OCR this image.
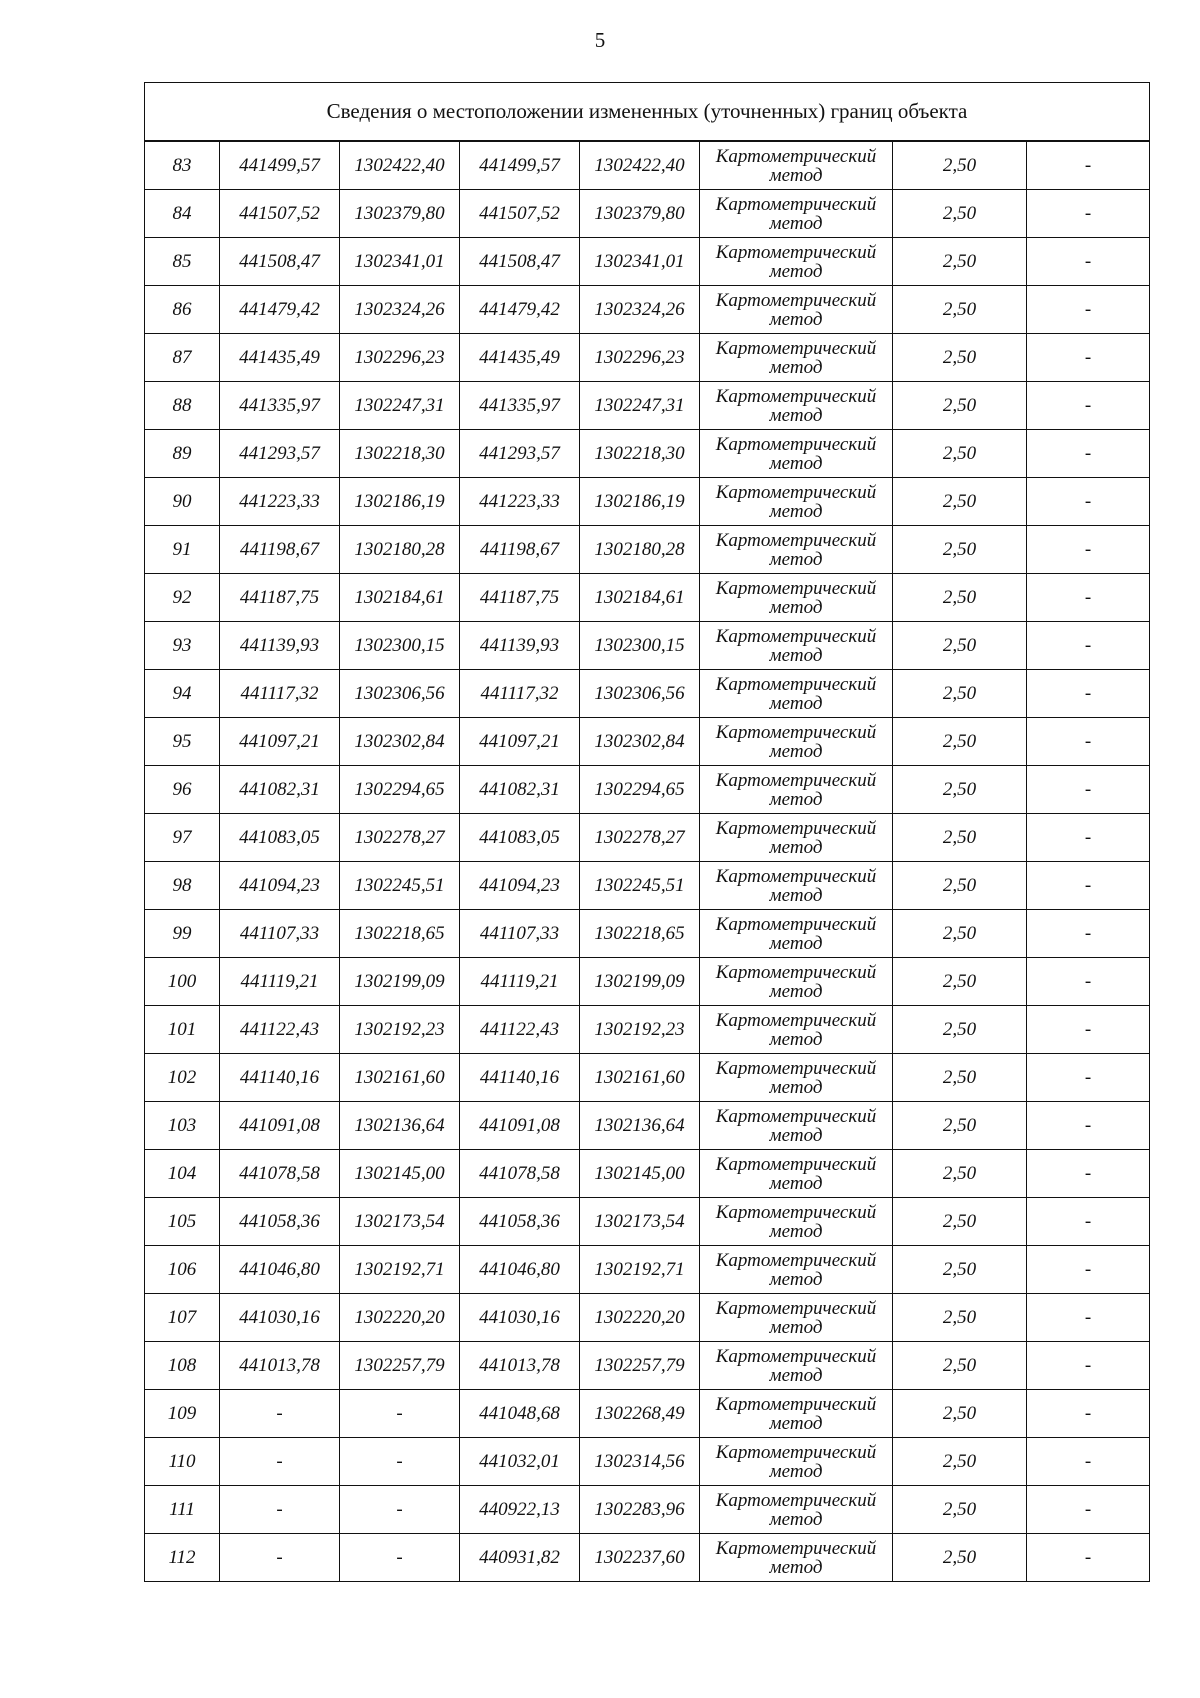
5
Сведения о местоположении измененных (уточненных) границ объекта							
83	441499,57	1302422,40	441499,57	1302422,40	Картометрический метод	2,50	-
84	441507,52	1302379,80	441507,52	1302379,80	Картометрический метод	2,50	-
85	441508,47	1302341,01	441508,47	1302341,01	Картометрический метод	2,50	-
86	441479,42	1302324,26	441479,42	1302324,26	Картометрический метод	2,50	-
87	441435,49	1302296,23	441435,49	1302296,23	Картометрический метод	2,50	-
88	441335,97	1302247,31	441335,97	1302247,31	Картометрический метод	2,50	-
89	441293,57	1302218,30	441293,57	1302218,30	Картометрический метод	2,50	-
90	441223,33	1302186,19	441223,33	1302186,19	Картометрический метод	2,50	-
91	441198,67	1302180,28	441198,67	1302180,28	Картометрический метод	2,50	-
92	441187,75	1302184,61	441187,75	1302184,61	Картометрический метод	2,50	-
93	441139,93	1302300,15	441139,93	1302300,15	Картометрический метод	2,50	-
94	441117,32	1302306,56	441117,32	1302306,56	Картометрический метод	2,50	-
95	441097,21	1302302,84	441097,21	1302302,84	Картометрический метод	2,50	-
96	441082,31	1302294,65	441082,31	1302294,65	Картометрический метод	2,50	-
97	441083,05	1302278,27	441083,05	1302278,27	Картометрический метод	2,50	-
98	441094,23	1302245,51	441094,23	1302245,51	Картометрический метод	2,50	-
99	441107,33	1302218,65	441107,33	1302218,65	Картометрический метод	2,50	-
100	441119,21	1302199,09	441119,21	1302199,09	Картометрический метод	2,50	-
101	441122,43	1302192,23	441122,43	1302192,23	Картометрический метод	2,50	-
102	441140,16	1302161,60	441140,16	1302161,60	Картометрический метод	2,50	-
103	441091,08	1302136,64	441091,08	1302136,64	Картометрический метод	2,50	-
104	441078,58	1302145,00	441078,58	1302145,00	Картометрический метод	2,50	-
105	441058,36	1302173,54	441058,36	1302173,54	Картометрический метод	2,50	-
106	441046,80	1302192,71	441046,80	1302192,71	Картометрический метод	2,50	-
107	441030,16	1302220,20	441030,16	1302220,20	Картометрический метод	2,50	-
108	441013,78	1302257,79	441013,78	1302257,79	Картометрический метод	2,50	-
109	-	-	441048,68	1302268,49	Картометрический метод	2,50	-
110	-	-	441032,01	1302314,56	Картометрический метод	2,50	-
111	-	-	440922,13	1302283,96	Картометрический метод	2,50	-
112	-	-	440931,82	1302237,60	Картометрический метод	2,50	-
